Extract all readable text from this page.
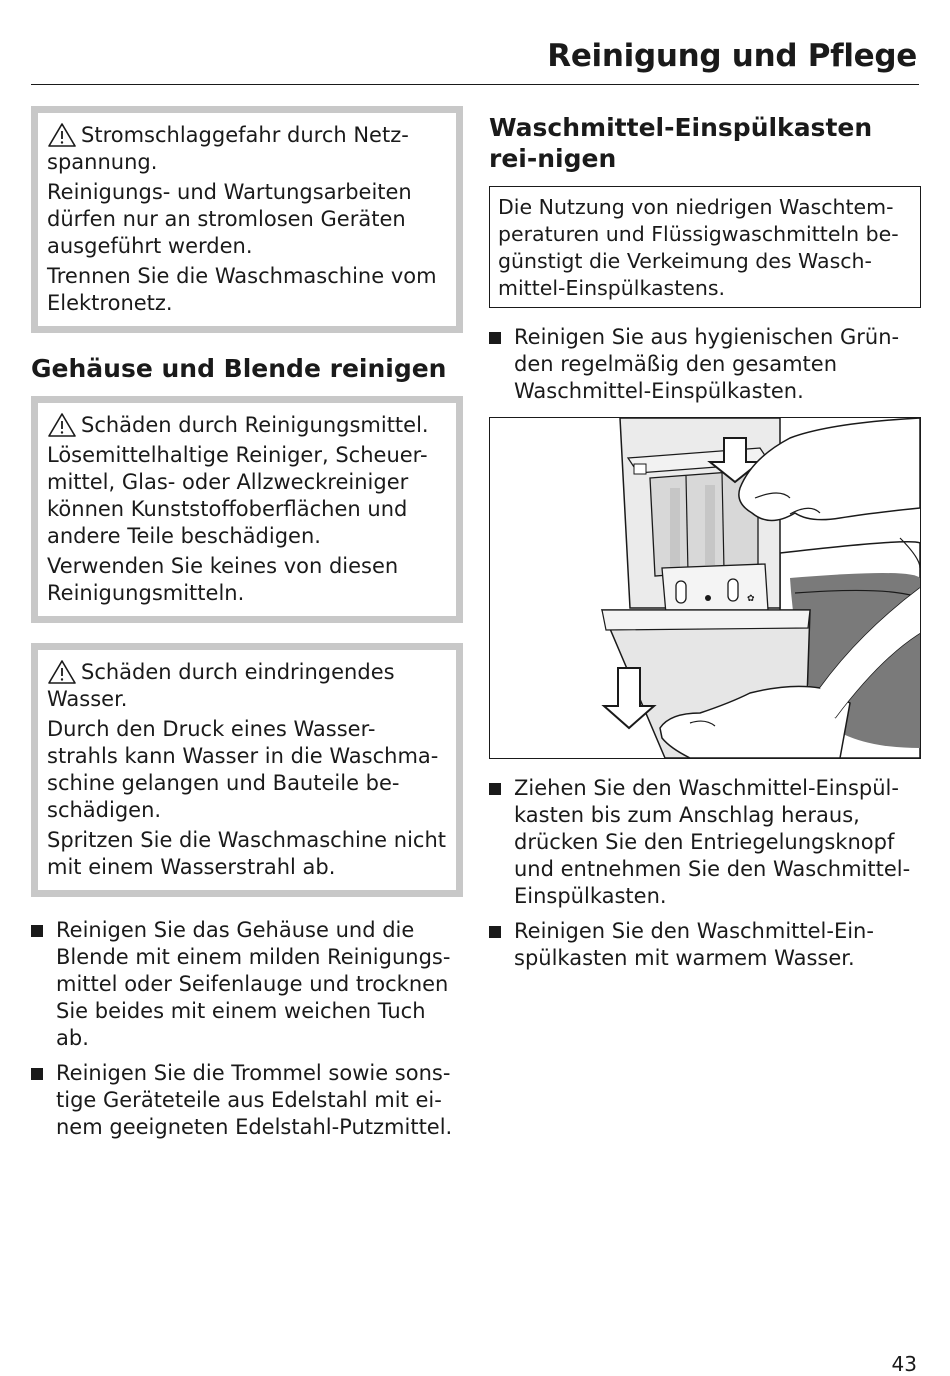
Reinigung und Pflege

Stromschlaggefahr durch Netz-spannung.

Reinigungs- und Wartungsarbeiten dürfen nur an stromlosen Geräten ausgeführt werden.

Trennen Sie die Waschmaschine vom Elektronetz.

Gehäuse und Blende reinigen

Schäden durch Reinigungsmittel.

Lösemittelhaltige Reiniger, Scheuer-mittel, Glas- oder Allzweckreiniger können Kunststoffoberflächen und andere Teile beschädigen.

Verwenden Sie keines von diesen Reinigungsmitteln.

Schäden durch eindringendes Wasser.

Durch den Druck eines Wasser-strahls kann Wasser in die Waschma-schine gelangen und Bauteile be-schädigen.

Spritzen Sie die Waschmaschine nicht mit einem Wasserstrahl ab.

Reinigen Sie das Gehäuse und die Blende mit einem milden Reinigungs-mittel oder Seifenlauge und trocknen Sie beides mit einem weichen Tuch ab.
Reinigen Sie die Trommel sowie sons-tige Geräteteile aus Edelstahl mit ei-nem geeigneten Edelstahl-Putzmittel.
Waschmittel-Einspülkasten rei-nigen
Die Nutzung von niedrigen Waschtem-peraturen und Flüssigwaschmitteln be-günstigt die Verkeimung des Wasch-mittel-Einspülkastens.
Reinigen Sie aus hygienischen Grün-den regelmäßig den gesamten Waschmittel-Einspülkasten.
✿
Ziehen Sie den Waschmittel-Einspül-kasten bis zum Anschlag heraus, drücken Sie den Entriegelungsknopf und entnehmen Sie den Waschmittel-Einspülkasten.
Reinigen Sie den Waschmittel-Ein-spülkasten mit warmem Wasser.
43
